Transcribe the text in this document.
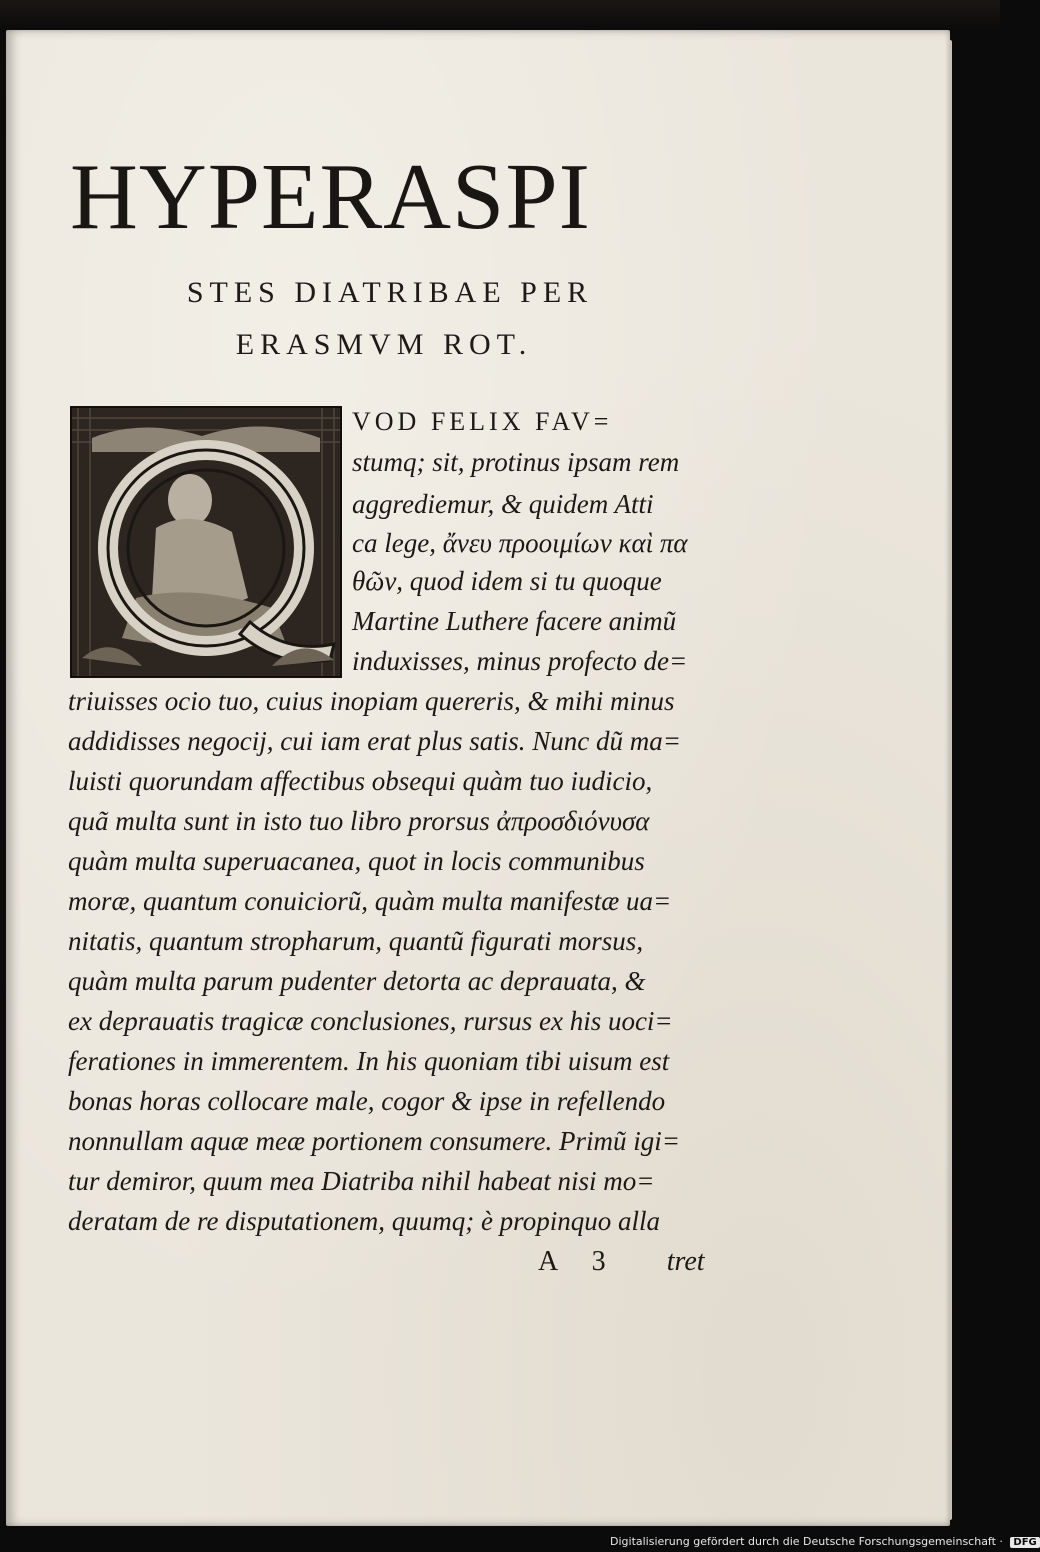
HYPERASPI
STES DIATRIBAE PER
ERASMVM ROT.
VOD FELIX FAV=
stumq; sit, protinus ipsam rem
aggrediemur, & quidem Atti
ca lege, ἄνευ προοιμίων καὶ πα
θῶν, quod idem si tu quoque
Martine Luthere facere animũ
induxisses, minus profecto de=
triuisses ocio tuo, cuius inopiam quereris, & mihi minus
addidisses negocij, cui iam erat plus satis. Nunc dũ ma=
luisti quorundam affectibus obsequi quàm tuo iudicio,
quã multa sunt in isto tuo libro prorsus ἀπροσδιόνυσα
quàm multa superuacanea, quot in locis communibus
moræ, quantum conuiciorũ, quàm multa manifestæ ua=
nitatis, quantum stropharum, quantũ figurati morsus,
quàm multa parum pudenter detorta ac deprauata, &
ex deprauatis tragicæ conclusiones, rursus ex his uoci=
ferationes in immerentem. In his quoniam tibi uisum est
bonas horas collocare male, cogor & ipse in refellendo
nonnullam aquæ meæ portionem consumere. Primũ igi=
tur demiror, quum mea Diatriba nihil habeat nisi mo=
deratam de re disputationem, quumq; è propinquo alla
A 3 tret
Digitalisierung gefördert durch die Deutsche Forschungsgemeinschaft · DFG
